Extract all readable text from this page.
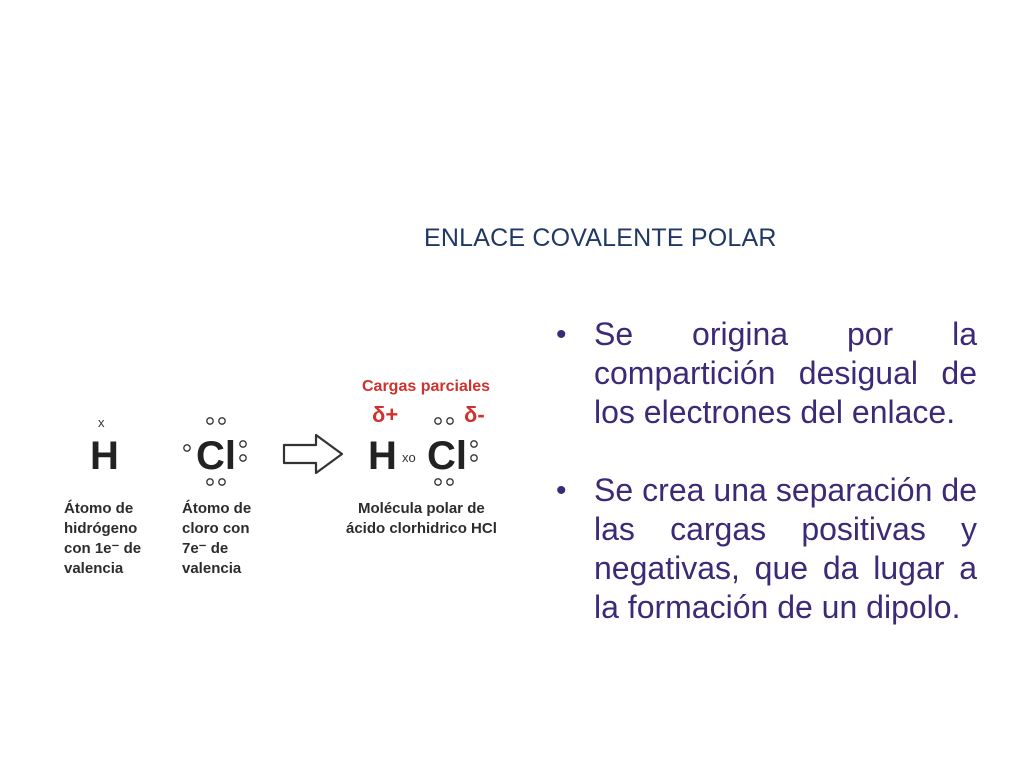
ENLACE COVALENTE POLAR
x
H
Átomo de
hidrógeno
con 1e⁻ de
valencia
Cl
Átomo de
cloro con
7e⁻ de
valencia
Cargas parciales
δ+	δ-
H xo Cl
Molécula polar de
ácido clorhidrico HCl
• Se origina por la compartición desigual de los electrones del enlace.
• Se crea una separación de las cargas positivas y negativas, que da lugar a la formación de un dipolo.
